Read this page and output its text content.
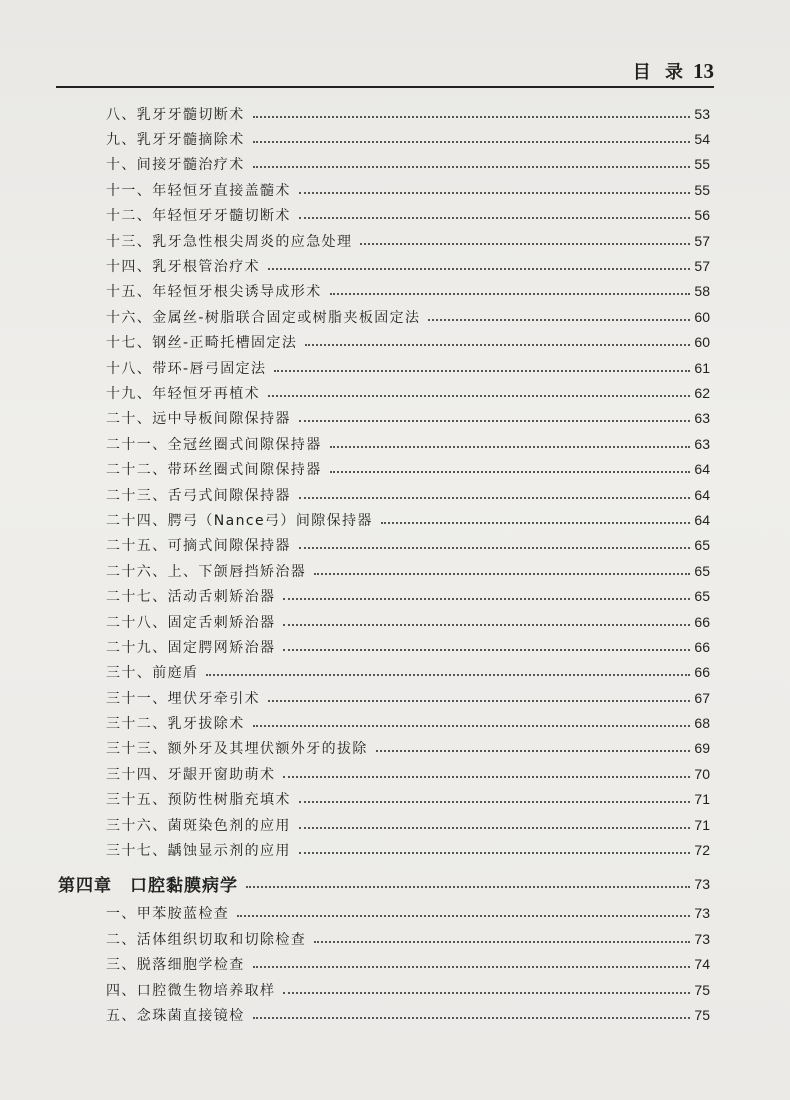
目 录 13
八、乳牙牙髓切断术	53
九、乳牙牙髓摘除术	54
十、间接牙髓治疗术	55
十一、年轻恒牙直接盖髓术	55
十二、年轻恒牙牙髓切断术	56
十三、乳牙急性根尖周炎的应急处理	57
十四、乳牙根管治疗术	57
十五、年轻恒牙根尖诱导成形术	58
十六、金属丝-树脂联合固定或树脂夹板固定法	60
十七、钢丝-正畸托槽固定法	60
十八、带环-唇弓固定法	61
十九、年轻恒牙再植术	62
二十、远中导板间隙保持器	63
二十一、全冠丝圈式间隙保持器	63
二十二、带环丝圈式间隙保持器	64
二十三、舌弓式间隙保持器	64
二十四、腭弓（Nance弓）间隙保持器	64
二十五、可摘式间隙保持器	65
二十六、上、下颌唇挡矫治器	65
二十七、活动舌刺矫治器	65
二十八、固定舌刺矫治器	66
二十九、固定腭网矫治器	66
三十、前庭盾	66
三十一、埋伏牙牵引术	67
三十二、乳牙拔除术	68
三十三、额外牙及其埋伏额外牙的拔除	69
三十四、牙龈开窗助萌术	70
三十五、预防性树脂充填术	71
三十六、菌斑染色剂的应用	71
三十七、龋蚀显示剂的应用	72
第四章 口腔黏膜病学	73
一、甲苯胺蓝检查	73
二、活体组织切取和切除检查	73
三、脱落细胞学检查	74
四、口腔微生物培养取样	75
五、念珠菌直接镜检	75
